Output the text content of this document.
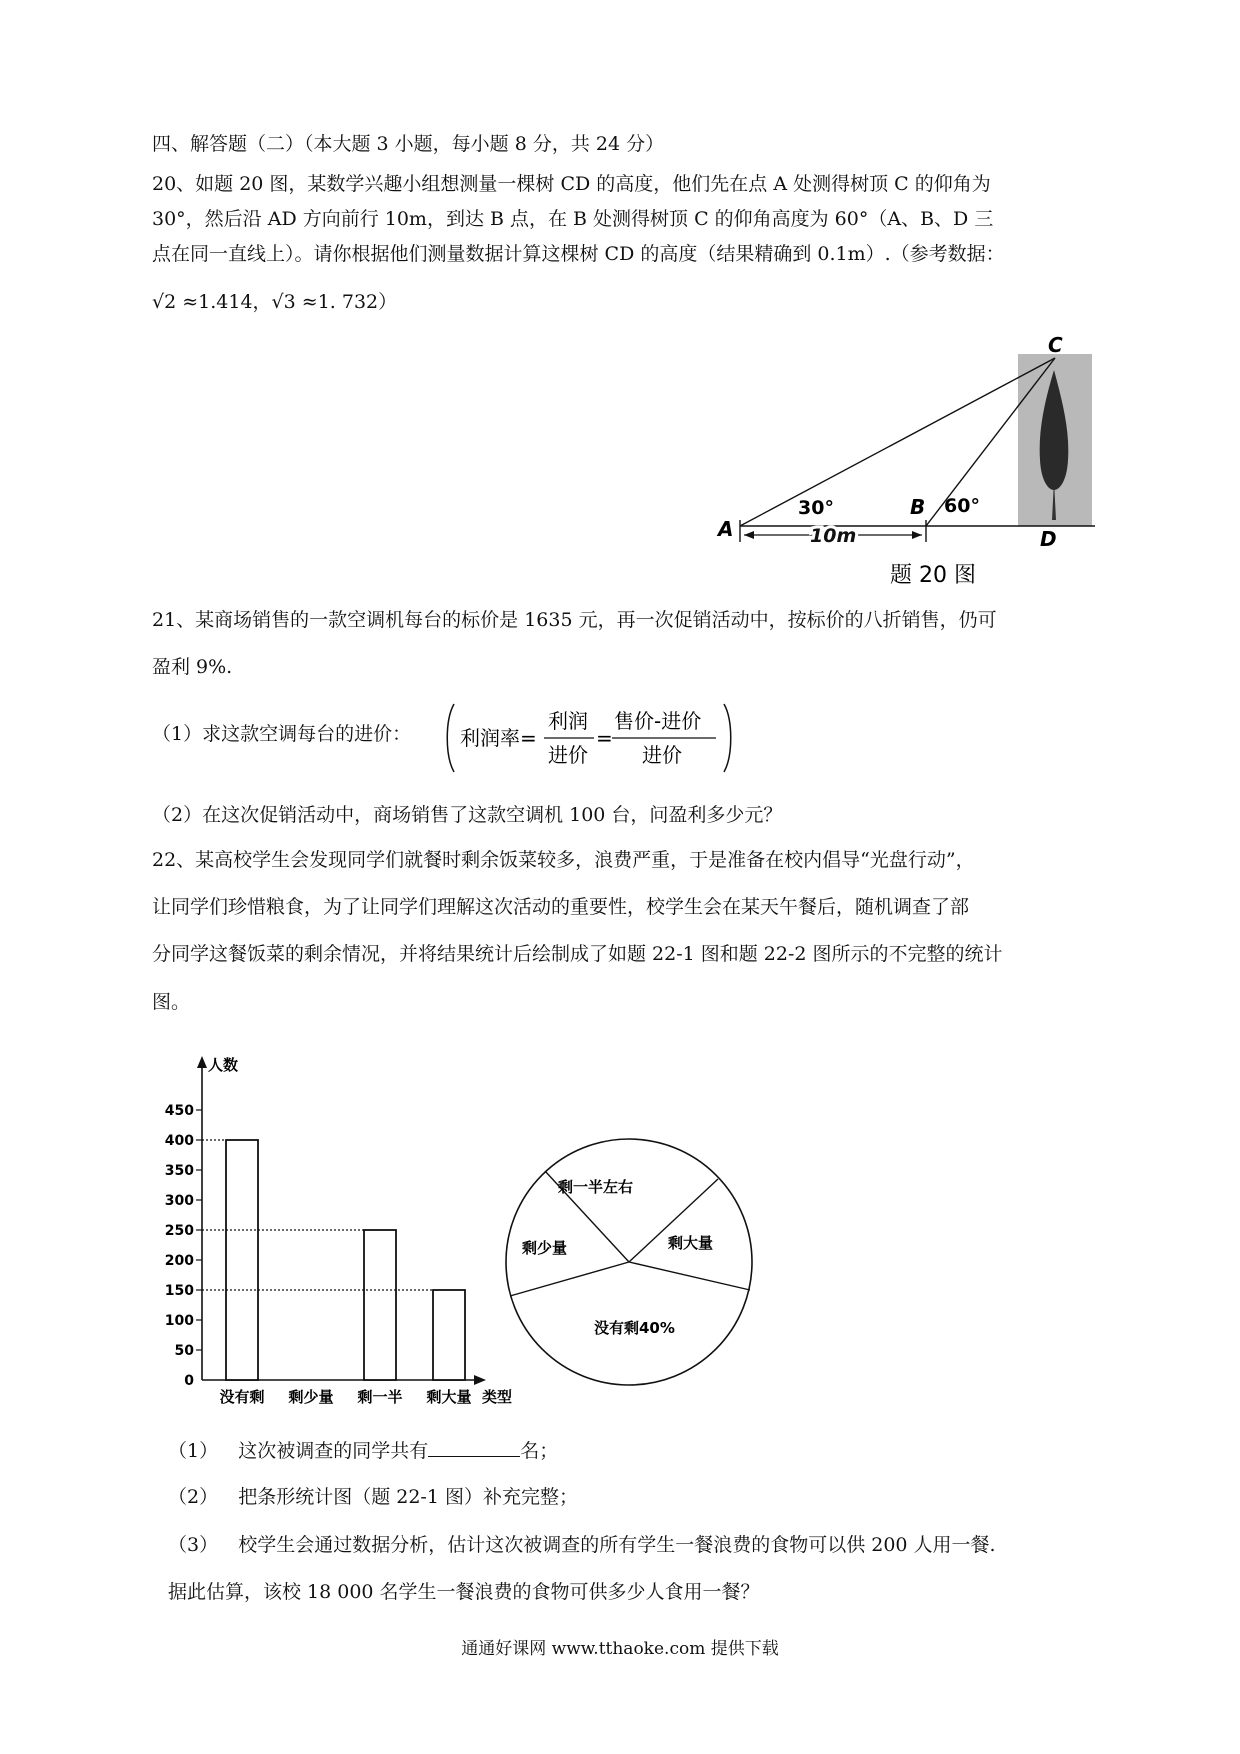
四、解答题（二）（本大题 3 小题，每小题 8 分，共 24 分）
20、如题 20 图，某数学兴趣小组想测量一棵树 CD 的高度，他们先在点 A 处测得树顶 C 的仰角为
30°，然后沿 AD 方向前行 10m，到达 B 点，在 B 处测得树顶 C 的仰角高度为 60°（A、B、D 三
点在同一直线上）。请你根据他们测量数据计算这棵树 CD 的高度（结果精确到 0.1m）.（参考数据：
√2 ≈1.414，√3 ≈1. 732）
C
A
B
D
30°	60°
10m
题 20 图
21、某商场销售的一款空调机每台的标价是 1635 元，再一次促销活动中，按标价的八折销售，仍可
盈利 9%.
（1）求这款空调每台的进价： 利润率=
利润
进价
=
售价-进价
进价
（2）在这次促销活动中，商场销售了这款空调机 100 台，问盈利多少元？
22、某高校学生会发现同学们就餐时剩余饭菜较多，浪费严重，于是准备在校内倡导“光盘行动”，
让同学们珍惜粮食，为了让同学们理解这次活动的重要性，校学生会在某天午餐后，随机调查了部
分同学这餐饭菜的剩余情况，并将结果统计后绘制成了如题 22-1 图和题 22-2 图所示的不完整的统计
图。
人数
类型
0
50
100
150
200
250
300
350
400
450
没有剩 剩少量 剩一半 剩大量
剩一半左右
剩大量
没有剩40%
剩少量
（1） 这次被调查的同学共有	名；
（2） 把条形统计图（题 22-1 图）补充完整；
（3） 校学生会通过数据分析，估计这次被调查的所有学生一餐浪费的食物可以供 200 人用一餐.
据此估算，该校 18 000 名学生一餐浪费的食物可供多少人食用一餐？
通通好课网 www.tthaoke.com 提供下载
